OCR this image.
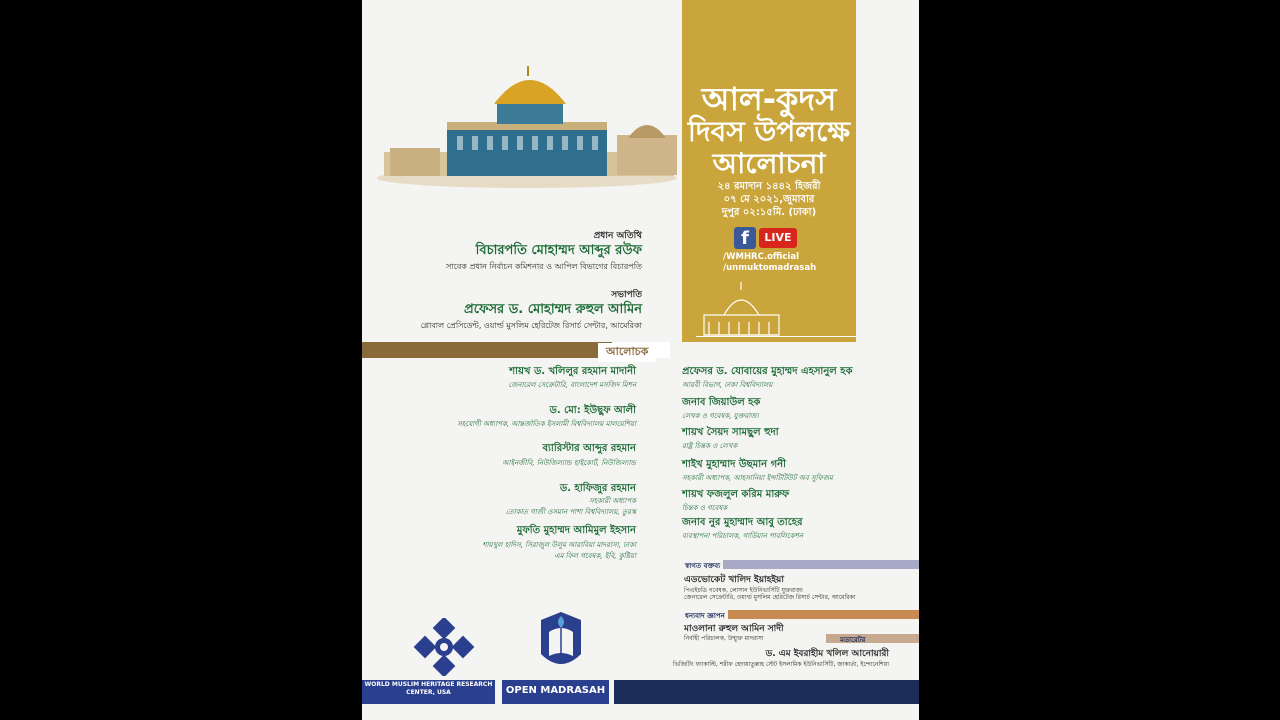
আল-কুদস
দিবস উপলক্ষে
আলোচনা
২৪ রমাদান ১৪৪২ হিজরী
০৭ মে ২০২১,জুমাবার
দুপুর ০২:১৫মি. (ঢাকা)
f	LIVE
/WMHRC.official
/unmuktomadrasah
প্রধান অতিথি
বিচারপতি মোহাম্মদ আব্দুর রউফ
সাবেক প্রধান নির্বাচন কমিশনার ও আপিল বিভাগের বিচারপতি
সভাপতি
প্রফেসর ড. মোহাম্মদ রুহুল আমিন
গ্লোবাল প্রেসিডেন্ট, ওয়ার্ল্ড মুসলিম হেরিটেজ রিসার্চ সেন্টার, আমেরিকা
আলোচক
শায়খ ড. খলিলুর রহমান মাদানী
জেনারেল সেক্রেটারি, বাংলাদেশ মসজিদ মিশন
ড. মো: ইউছুফ আলী
সহযোগী অধ্যাপক, আন্তর্জাতিক ইসলামী বিশ্ববিদ্যালয় মালয়েশিয়া
ব্যারিস্টার আব্দুর রহমান
আইনজীবি, নিউজিল্যান্ড হাইকোর্ট, নিউজিল্যান্ড
ড. হাফিজুর রহমান
সহকারী অধ্যাপক
তোকাত গাজী ওসমান পাশা বিশ্ববিদ্যালয়, তুরস্ক
মুফতি মুহাম্মদ আমিমুল ইহসান
শায়খুল হাদিস, সিরাজুল উলুম আরাবিয়া মাদরাসা, ঢাকা
এম ফিল গবেষক, ইবি, কুষ্টিয়া
প্রফেসর ড. যোবায়ের মুহাম্মদ এহসানুল হক
আরবী বিভাগ, ঢাকা বিশ্ববিদ্যালয়
জনাব জিয়াউল হক
লেখক ও গবেষক, যুক্তরাজ্য
শায়খ সৈয়দ সামছুল হুদা
রাষ্ট্র চিন্তক ও লেখক
শাইখ মুহাম্মাদ উছমান গনী
সহকারী অধ্যাপক, আহসানিয়া ইন্সটিটিউট অব সুফিজম
শায়খ ফজলুল করিম মারুফ
চিন্তক ও গবেষক
জনাব নুর মুহাম্মাদ আবু তাহের
ব্যবস্থাপনা পরিচালক, গার্ডিয়ান পাবলিকেশন
স্বাগত বক্তব্য
এডভোকেট খালিদ ইয়াহইয়া
পিএইচডি গবেষক, লোসান ইউনিভার্সিটি যুক্তরাজ্য
জেনারেল সেক্রেটারি, ওয়ার্ল্ড মুসলিম হেরিটেজ রিসার্চ সেন্টার, আমেরিকা
ধন্যবাদ জ্ঞাপন
মাওলানা রুহুল আমিন সাদী
নির্বাহী পরিচালক, উন্মুক্ত মাদরাসা	মডারেটর
ড. এম ইবরাহীম খলিল আনোয়ারী
ভিজিটিং ফ্যাকাল্টি, শরীফ হেদায়াতুল্লাহ স্টেট ইসলামিক ইউনিভার্সিটি, জাকার্তা, ইন্দোনেশিয়া
WORLD MUSLIM HERITAGE RESEARCH CENTER, USA	OPEN MADRASAH
